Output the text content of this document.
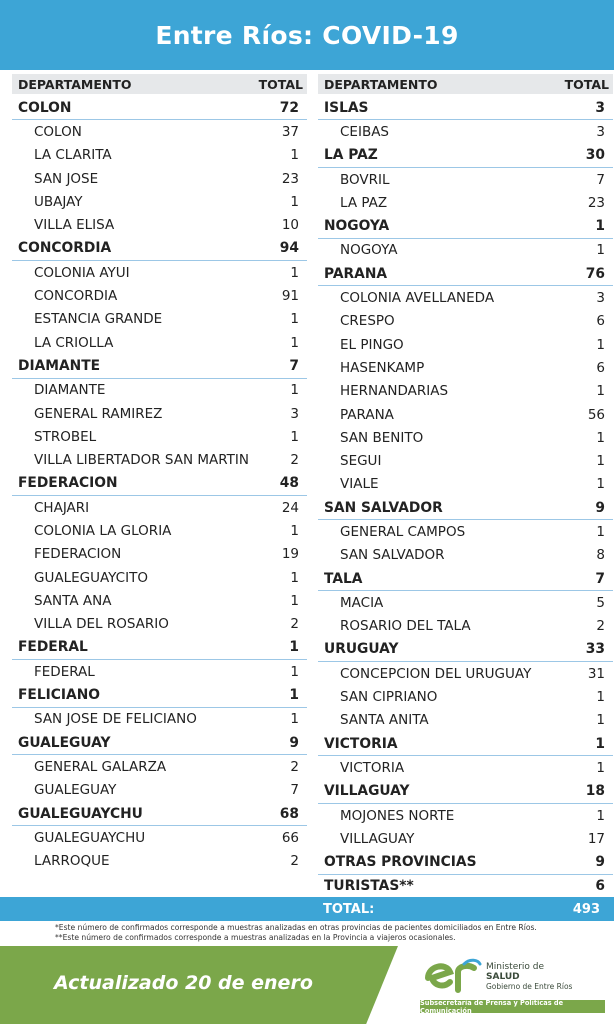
Entre Ríos: COVID-19
DEPARTAMENTO	TOTAL
COLON	72
COLON	37
LA CLARITA	1
SAN JOSE	23
UBAJAY	1
VILLA ELISA	10
CONCORDIA	94
COLONIA AYUI	1
CONCORDIA	91
ESTANCIA GRANDE	1
LA CRIOLLA	1
DIAMANTE	7
DIAMANTE	1
GENERAL RAMIREZ	3
STROBEL	1
VILLA LIBERTADOR SAN MARTIN	2
FEDERACION	48
CHAJARI	24
COLONIA LA GLORIA	1
FEDERACION	19
GUALEGUAYCITO	1
SANTA ANA	1
VILLA DEL ROSARIO	2
FEDERAL	1
FEDERAL	1
FELICIANO	1
SAN JOSE DE FELICIANO	1
GUALEGUAY	9
GENERAL GALARZA	2
GUALEGUAY	7
GUALEGUAYCHU	68
GUALEGUAYCHU	66
LARROQUE	2
DEPARTAMENTO	TOTAL
ISLAS	3
CEIBAS	3
LA PAZ	30
BOVRIL	7
LA PAZ	23
NOGOYA	1
NOGOYA	1
PARANA	76
COLONIA AVELLANEDA	3
CRESPO	6
EL PINGO	1
HASENKAMP	6
HERNANDARIAS	1
PARANA	56
SAN BENITO	1
SEGUI	1
VIALE	1
SAN SALVADOR	9
GENERAL CAMPOS	1
SAN SALVADOR	8
TALA	7
MACIA	5
ROSARIO DEL TALA	2
URUGUAY	33
CONCEPCION DEL URUGUAY	31
SAN CIPRIANO	1
SANTA ANITA	1
VICTORIA	1
VICTORIA	1
VILLAGUAY	18
MOJONES NORTE	1
VILLAGUAY	17
OTRAS PROVINCIAS	9
TURISTAS**	6
TOTAL:	493
*Este número de confirmados corresponde a muestras analizadas en otras provincias de pacientes domiciliados en Entre Ríos.
**Este número de confirmados corresponde a muestras analizadas en la Provincia a viajeros ocasionales.
Actualizado 20 de enero
Ministerio de
SALUD
Gobierno de Entre Ríos
Subsecretaría de Prensa y Políticas de Comunicación
